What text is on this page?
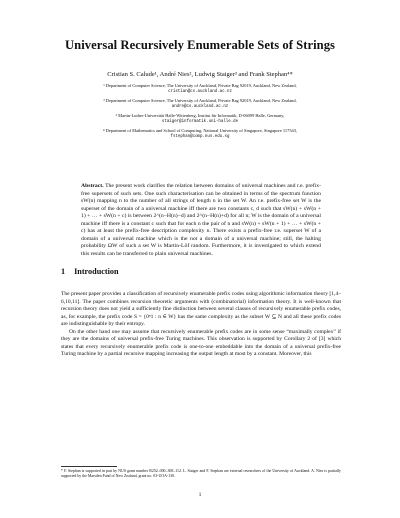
Universal Recursively Enumerable Sets of Strings
Cristian S. Calude¹, André Nies², Ludwig Staiger³ and Frank Stephan⁴*
¹ Department of Computer Science, The University of Auckland, Private Bag 92019, Auckland, New Zealand,
cristian@cs.auckland.ac.nz
² Department of Computer Science, The University of Auckland, Private Bag 92019, Auckland, New Zealand,
andre@cs.auckland.ac.nz
³ Martin-Luther-Universität Halle-Wittenberg, Institut für Informatik, D-06099 Halle, Germany,
staiger@informatik.uni-halle.de
⁴ Department of Mathematics and School of Computing, National University of Singapore, Singapore 117543,
fstephan@comp.nus.edu.sg
Abstract. The present work clarifies the relation between domains of universal machines and r.e. prefix-free supersets of such sets. One such characterisation can be obtained in terms of the spectrum function sW(n) mapping n to the number of all strings of length n in the set W. An r.e. prefix-free set W is the superset of the domain of a universal machine iff there are two constants c, d such that sW(n) + sW(n + 1) + … + sW(n + c) is between 2^(n−H(n)−d) and 2^(n−H(n)+d) for all n; W is the domain of a universal machine iff there is a constant c such that for each n the pair of n and sW(n) + sW(n + 1) + … + sW(n + c) has at least the prefix-free description complexity n. There exists a prefix-free r.e. superset W of a domain of a universal machine which is the not a domain of a universal machine; still, the halting probability ΩW of such a set W is Martin-Löf random. Furthermore, it is investigated to which extend this results can be transferred to plain universal machines.
1 Introduction

The present paper provides a classification of recursively enumerable prefix codes using algorithmic information theory [1,4–6,10,11]. The paper combines recursion theoretic arguments with (combinatorial) information theory. It is well-known that recursion theory does not yield a sufficiently fine distinction between several classes of recursively enumerable prefix codes, as, for example, the prefix code S = {0ⁿ1 : n ∈ W} has the same complexity as the subset W ⊆ N and all these prefix codes are indistinguishable by their entropy.

On the other hand one may assume that recursively enumerable prefix codes are in some sense “maximally complex” if they are the domains of universal prefix-free Turing machines. This observation is supported by Corollary 2 of [3] which states that every recursively enumerable prefix code is one-to-one embeddable into the domain of a universal prefix-free Turing machine by a partial recursive mapping increasing the output length at most by a constant. Moreover, this

* F. Stephan is supported in part by NUS grant number R252–000–308–112. L. Staiger and F. Stephan are external researchers of the University of Auckland. A. Nies is partially supported by the Marsden Fund of New Zealand, grant no. 03-UOA-130.
1
